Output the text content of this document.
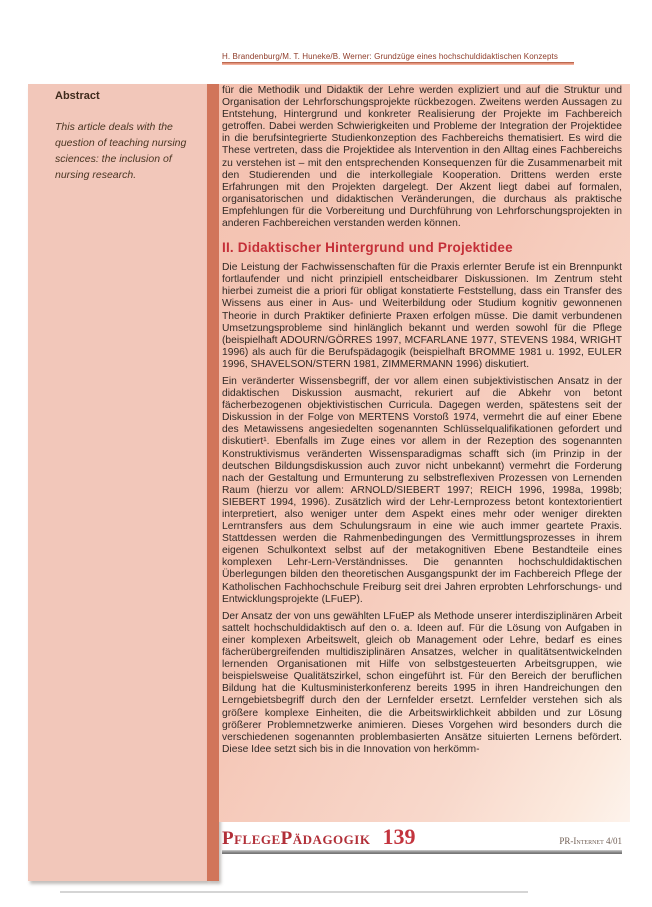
H. Brandenburg/M. T. Huneke/B. Werner: Grundzüge eines hochschuldidaktischen Konzepts
Abstract
This article deals with the question of teaching nursing sciences: the inclusion of nursing research.

für die Methodik und Didaktik der Lehre werden expliziert und auf die Struktur und Organisation der Lehrforschungsprojekte rückbezogen. Zweitens werden Aussagen zu Entstehung, Hintergrund und konkreter Realisierung der Projekte im Fachbereich getroffen. Dabei werden Schwierigkeiten und Probleme der Integration der Projektidee in die berufsintegrierte Studienkonzeption des Fachbereichs thematisiert. Es wird die These vertreten, dass die Projektidee als Intervention in den Alltag eines Fachbereichs zu verstehen ist – mit den entsprechenden Konsequenzen für die Zusammenarbeit mit den Studierenden und die interkollegiale Kooperation. Drittens werden erste Erfahrungen mit den Projekten dargelegt. Der Akzent liegt dabei auf formalen, organisatorischen und didaktischen Veränderungen, die durchaus als praktische Empfehlungen für die Vorbereitung und Durchführung von Lehrforschungsprojekten in anderen Fachbereichen verstanden werden können.

II. Didaktischer Hintergrund und Projektidee

Die Leistung der Fachwissenschaften für die Praxis erlernter Berufe ist ein Brennpunkt fortlaufender und nicht prinzipiell entscheidbarer Diskussionen. Im Zentrum steht hierbei zumeist die a priori für obligat konstatierte Feststellung, dass ein Transfer des Wissens aus einer in Aus- und Weiterbildung oder Studium kognitiv gewonnenen Theorie in durch Praktiker definierte Praxen erfolgen müsse. Die damit verbundenen Umsetzungsprobleme sind hinlänglich bekannt und werden sowohl für die Pflege (beispielhaft ADOURN/GÖRRES 1997, MCFARLANE 1977, STEVENS 1984, WRIGHT 1996) als auch für die Berufspädagogik (beispielhaft BROMME 1981 u. 1992, EULER 1996, SHAVELSON/STERN 1981, ZIMMERMANN 1996) diskutiert.

Ein veränderter Wissensbegriff, der vor allem einen subjektivistischen Ansatz in der didaktischen Diskussion ausmacht, rekuriert auf die Abkehr von betont fächerbezogenen objektivistischen Curricula. Dagegen werden, spätestens seit der Diskussion in der Folge von MERTENS Vorstoß 1974, vermehrt die auf einer Ebene des Metawissens angesiedelten sogenannten Schlüsselqualifikationen gefordert und diskutiert¹. Ebenfalls im Zuge eines vor allem in der Rezeption des sogenannten Konstruktivismus veränderten Wissensparadigmas schafft sich (im Prinzip in der deutschen Bildungsdiskussion auch zuvor nicht unbekannt) vermehrt die Forderung nach der Gestaltung und Ermunterung zu selbstreflexiven Prozessen von Lernenden Raum (hierzu vor allem: ARNOLD/SIEBERT 1997; REICH 1996, 1998a, 1998b; SIEBERT 1994, 1996). Zusätzlich wird der Lehr-Lernprozess betont kontextorientiert interpretiert, also weniger unter dem Aspekt eines mehr oder weniger direkten Lerntransfers aus dem Schulungsraum in eine wie auch immer geartete Praxis. Stattdessen werden die Rahmenbedingungen des Vermittlungsprozesses in ihrem eigenen Schulkontext selbst auf der metakognitiven Ebene Bestandteile eines komplexen Lehr-Lern-Verständnisses. Die genannten hochschuldidaktischen Überlegungen bilden den theoretischen Ausgangspunkt der im Fachbereich Pflege der Katholischen Fachhochschule Freiburg seit drei Jahren erprobten Lehrforschungs- und Entwicklungsprojekte (LFuEP).

Der Ansatz der von uns gewählten LFuEP als Methode unserer interdisziplinären Arbeit sattelt hochschuldidaktisch auf den o. a. Ideen auf. Für die Lösung von Aufgaben in einer komplexen Arbeitswelt, gleich ob Management oder Lehre, bedarf es eines fächerübergreifenden multidisziplinären Ansatzes, welcher in qualitätsentwickelnden lernenden Organisationen mit Hilfe von selbstgesteuerten Arbeitsgruppen, wie beispielsweise Qualitätszirkel, schon eingeführt ist. Für den Bereich der beruflichen Bildung hat die Kultusministerkonferenz bereits 1995 in ihren Handreichungen den Lerngebietsbegriff durch den der Lernfelder ersetzt. Lernfelder verstehen sich als größere komplexe Einheiten, die die Arbeitswirklichkeit abbilden und zur Lösung größerer Problemnetzwerke animieren. Dieses Vorgehen wird besonders durch die verschiedenen sogenannten problembasierten Ansätze situierten Lernens befördert. Diese Idee setzt sich bis in die Innovation von herkömm-

PflegePädagogik 139	PR-Internet 4/01
